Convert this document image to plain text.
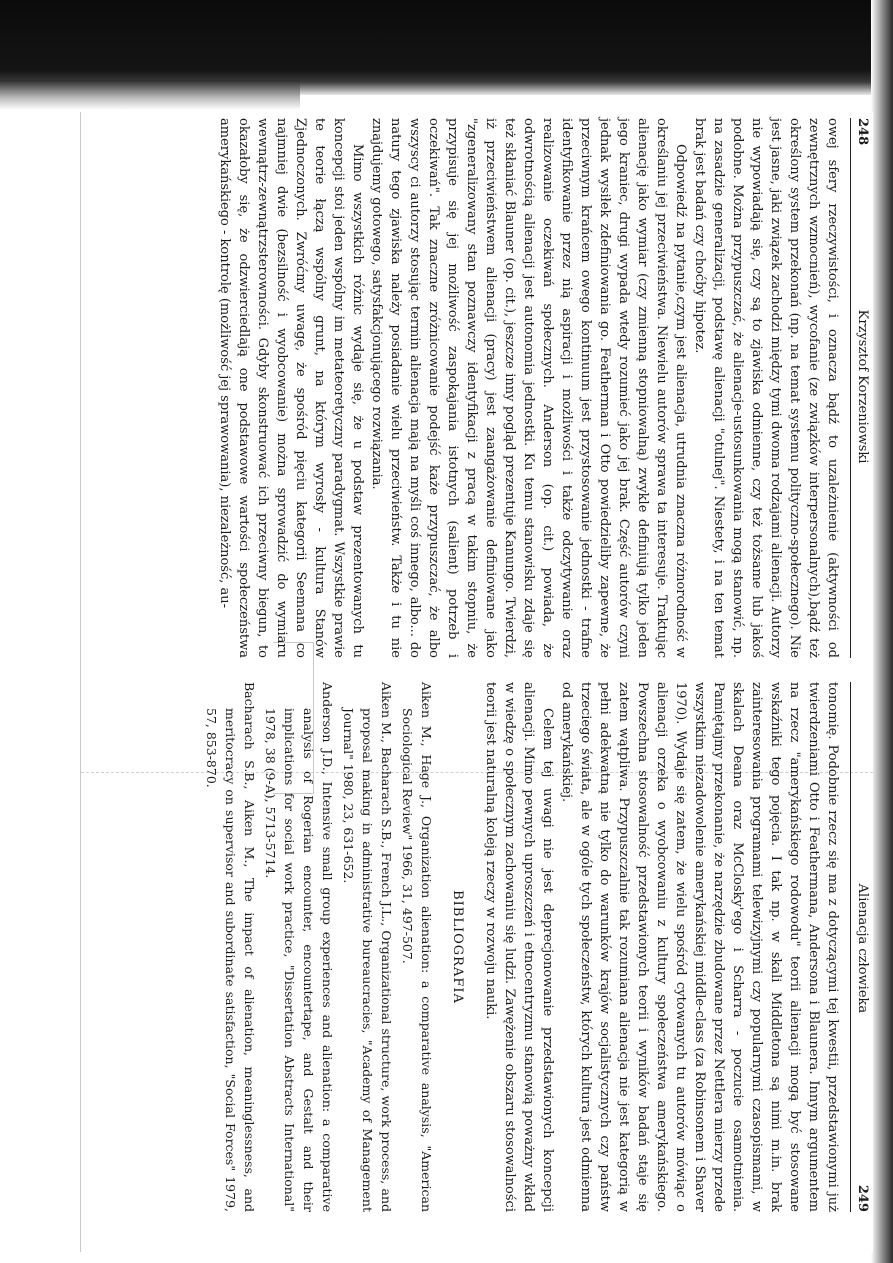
248
Krzysztof Korzeniowski

owej sfery rzeczywistości, i oznacza bądź to uzależnienie (aktywności od zewnętrznych wzmocnień), wycofanie (ze związków interpersonalnych),bądź też określony system przekonań (np. na temat systemu polityczno-społecznego). Nie jest jasne, jaki związek zachodzi między tymi dwoma rodzajami alienacji. Autorzy nie wypowiadają się, czy są to zjawiska odmienne, czy też tożsame lub jakoś podobne. Można przypuszczać, że alienacje-ustosunkowania mogą stanowić, np. na zasadzie generalizacji, podstawę alienacji "otulnej". Niestety, i na ten temat brak jest badań czy choćby hipotez.

Odpowiedź na pytanie,czym jest alienacja, utrudnia znaczna różnorodność w określaniu jej przeciwieństwa. Niewielu autorów sprawa ta interesuje. Traktując alienację jako wymiar (czy zmienną stopniowalną) zwykle definiują tylko jeden jego kraniec, drugi wypada wtedy rozumieć jako jej brak. Część autorów czyni jednak wysiłek zdefiniowania go. Featherman i Otto powiedzieliby zapewne, że przeciwnym krańcem owego kontinuum jest przystosowanie jednostki - trafne identyfikowanie przez nią aspiracji i możliwości i także odczytywanie oraz realizowanie oczekiwań społecznych. Anderson (op. cit.) powiada, że odwrotnością alienacji jest autonomia jednostki. Ku temu stanowisku zdaje się też skłaniać Blauner (op. cit.), jeszcze inny pogląd prezentuje Kanungo. Twierdzi, iż przeciwieństwem alienacji (pracy) jest zaangażowanie definiowane jako "zgeneralizowany stan poznawczy identyfikacji z pracą w takim stopniu, że przypisuje się jej możliwość zaspokajania istotnych (salient) potrzeb i oczekiwań". Tak znaczne zróżnicowanie podejść każe przypuszczać, że albo wszyscy ci autorzy stosując termin alienacja mają na myśli coś innego, albo... do natury tego zjawiska należy posiadanie wielu przeciwieństw. Także i tu nie znajdujemy gotowego, satysfakcjonującego rozwiązania.

Mimo wszystkich różnic wydaje się, że u podstaw prezentowanych tu koncepcji stoi jeden wspólny im metateoretyczny paradygmat. Wszystkie prawie te teorie łączą wspólny grunt, na którym wyrosły - kultura Stanów Zjednoczonych. Zwróćmy uwagę, że spośród pięciu kategorii Seemana co najmniej dwie (bezsilność i wyobcowanie) można sprowadzić do wymiaru wewnątrz-zewnątrzsterowności. Gdyby skonstruować ich przeciwny biegun, to okazałoby się, że odzwierciedlają one podstawowe wartości społeczeństwa amerykańskiego - kontrolę (możliwość jej sprawowania), niezależność, au-

Alienacja człowieka
249

tonomię. Podobnie rzecz się ma z dotyczącymi tej kwestii, przedstawionymi już twierdzeniami Otto i Feathermana, Andersona i Blaunera. Innym argumentem na rzecz "amerykańskiego rodowodu" teorii alienacji mogą być stosowane wskaźniki tego pojęcia. I tak np. w skali Middletona są nimi m.in. brak zainteresowania programami telewizyjnymi czy popularnymi czasopismami, w skalach Deana oraz McClosky'ego i Scharra - poczucie osamotnienia. Pamiętajmy przekonanie, że narzędzie zbudowane przez Nettlera mierzy przede wszystkim niezadowolenie amerykańskiej middle-class (za Robinsonem i Shaver 1970). Wydaje się zatem, że wielu spośród cytowanych tu autorów mówiąc o alienacji orzeka o wyobcowaniu z kultury społeczeństwa amerykańskiego. Powszechna stosowalność przedstawionych teorii i wyników badań staje się zatem wątpliwa. Przypuszczalnie tak rozumiana alienacja nie jest kategorią w pełni adekwatną nie tylko do warunków krajów socjalistycznych czy państw trzeciego świata, ale w ogóle tych społeczeństw, których kultura jest odmienna od amerykańskiej.

Celem tej uwagi nie jest deprecjonowanie przedstawionych koncepcji alienacji. Mimo pewnych uproszczeń i etnocentryzmu stanowią poważny wkład w wiedzę o społecznym zachowaniu się ludzi. Zawężenie obszaru stosowalności teorii jest naturalną koleją rzeczy w rozwoju nauki.

BIBLIOGRAFIA

Aiken M., Hage J., Organization alienation: a comparative analysis, "American Sociological Review" 1966, 31, 497-507.

Aiken M., Bacharach S.B., French J.L., Organizational structure, work process, and proposal making in administrative bureaucracies, "Academy of Management Journal" 1980, 23, 631-652.

Anderson J.D., Intensive small group experiences and alienation: a comparative analysis of Rogerian encounter, encountertape, and Gestalt and their implications for social work practice, "Dissertation Abstracts International" 1978, 38 (9-A), 5713-5714.

Bacharach S.B., Aiken M., The impact of alienation, meaninglessness, and meritocracy on supervisor and subordinate satisfaction, "Social Forces" 1979, 57, 853-870.
